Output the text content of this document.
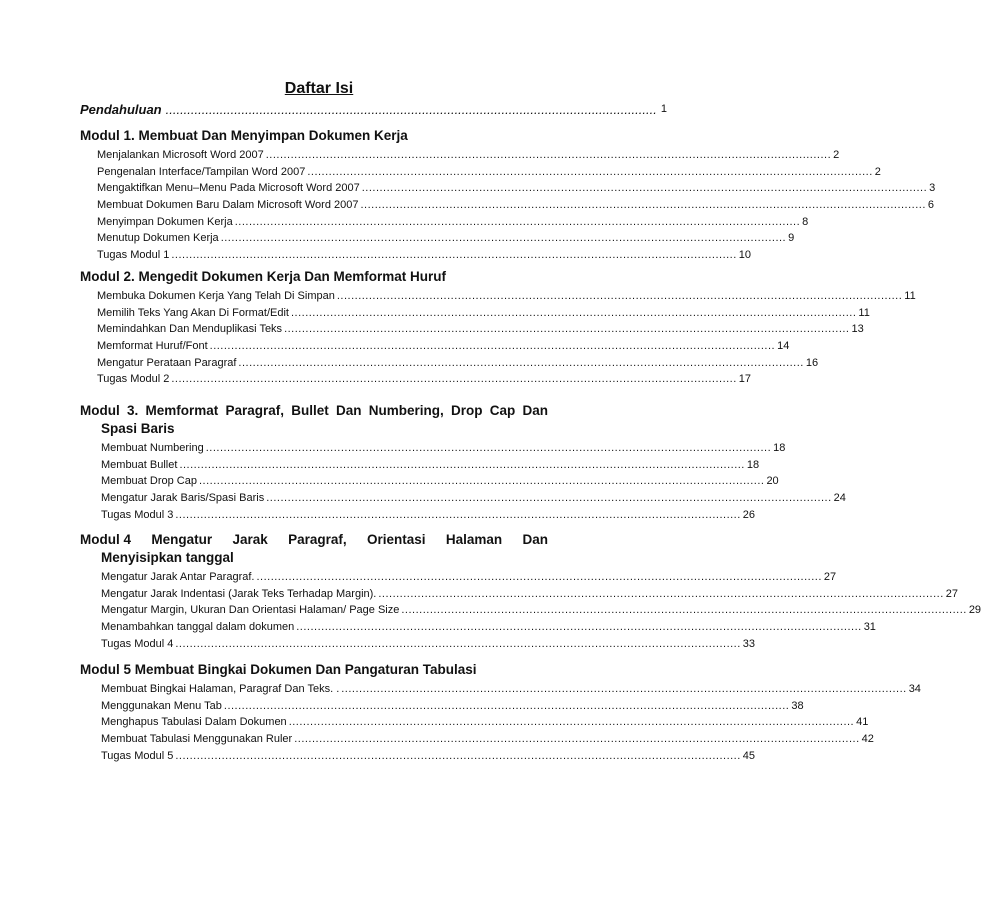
Daftar Isi
Pendahuluan ........................................................................................................................................ 1
Modul 1. Membuat Dan Menyimpan Dokumen Kerja
Menjalankan Microsoft Word 2007 ............................................................................................................................................................... 2
Pengenalan Interface/Tampilan Word 2007 ............................................................................................................................................................... 2
Mengaktifkan Menu–Menu Pada Microsoft Word 2007 ............................................................................................................................................................... 3
Membuat Dokumen Baru Dalam Microsoft Word 2007 ............................................................................................................................................................... 6
Menyimpan Dokumen Kerja ............................................................................................................................................................... 8
Menutup Dokumen Kerja ............................................................................................................................................................... 9
Tugas Modul 1 ............................................................................................................................................................... 10
Modul 2. Mengedit Dokumen Kerja Dan Memformat Huruf
Membuka Dokumen Kerja Yang Telah Di Simpan ............................................................................................................................................................... 11
Memilih Teks Yang Akan Di Format/Edit ............................................................................................................................................................... 11
Memindahkan Dan Menduplikasi Teks ............................................................................................................................................................... 13
Memformat Huruf/Font ............................................................................................................................................................... 14
Mengatur Perataan Paragraf ............................................................................................................................................................... 16
Tugas Modul 2 ............................................................................................................................................................... 17
Modul 3. Memformat Paragraf, Bullet Dan Numbering, Drop Cap Dan
Spasi Baris
Membuat Numbering ............................................................................................................................................................... 18
Membuat Bullet ............................................................................................................................................................... 18
Membuat Drop Cap ............................................................................................................................................................... 20
Mengatur Jarak Baris/Spasi Baris ............................................................................................................................................................... 24
Tugas Modul 3 ............................................................................................................................................................... 26
Modul 4 Mengatur Jarak Paragraf, Orientasi Halaman Dan
Menyisipkan tanggal
Mengatur Jarak Antar Paragraf. ............................................................................................................................................................... 27
Mengatur Jarak Indentasi (Jarak Teks Terhadap Margin). ............................................................................................................................................................... 27
Mengatur Margin, Ukuran Dan Orientasi Halaman/ Page Size ............................................................................................................................................................... 29
Menambahkan tanggal dalam dokumen ............................................................................................................................................................... 31
Tugas Modul 4 ............................................................................................................................................................... 33
Modul 5 Membuat Bingkai Dokumen Dan Pangaturan Tabulasi
Membuat Bingkai Halaman, Paragraf Dan Teks. . ............................................................................................................................................................... 34
Menggunakan Menu Tab ............................................................................................................................................................... 38
Menghapus Tabulasi Dalam Dokumen ............................................................................................................................................................... 41
Membuat Tabulasi Menggunakan Ruler ............................................................................................................................................................... 42
Tugas Modul 5 ............................................................................................................................................................... 45
